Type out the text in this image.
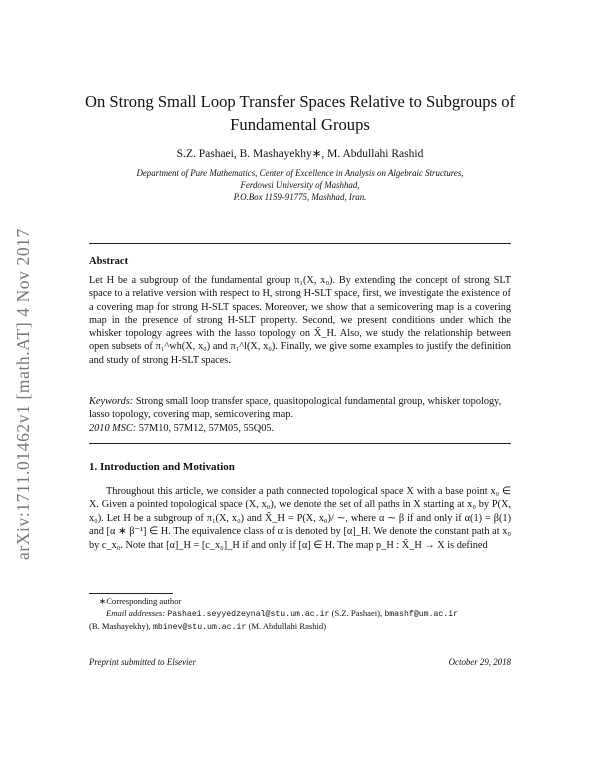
arXiv:1711.01462v1 [math.AT] 4 Nov 2017
On Strong Small Loop Transfer Spaces Relative to Subgroups of Fundamental Groups
S.Z. Pashaei, B. Mashayekhy∗, M. Abdullahi Rashid
Department of Pure Mathematics, Center of Excellence in Analysis on Algebraic Structures,
Ferdowsi University of Mashhad,
P.O.Box 1159-91775, Mashhad, Iran.
Abstract

Let H be a subgroup of the fundamental group π₁(X, x₀). By extending the concept of strong SLT space to a relative version with respect to H, strong H-SLT space, first, we investigate the existence of a covering map for strong H-SLT spaces. Moreover, we show that a semicovering map is a covering map in the presence of strong H-SLT property. Second, we present conditions under which the whisker topology agrees with the lasso topology on X̃_H. Also, we study the relationship between open subsets of π₁^wh(X, x₀) and π₁^l(X, x₀). Finally, we give some examples to justify the definition and study of strong H-SLT spaces.

Keywords: Strong small loop transfer space, quasitopological fundamental group, whisker topology, lasso topology, covering map, semicovering map.
2010 MSC: 57M10, 57M12, 57M05, 55Q05.
1. Introduction and Motivation

Throughout this article, we consider a path connected topological space X with a base point x₀ ∈ X. Given a pointed topological space (X, x₀), we denote the set of all paths in X starting at x₀ by P(X, x₀). Let H be a subgroup of π₁(X, x₀) and X̃_H = P(X, x₀)/ ∼, where α ∼ β if and only if α(1) = β(1) and [α ∗ β⁻¹] ∈ H. The equivalence class of α is denoted by [α]_H. We denote the constant path at x₀ by c_x₀. Note that [α]_H = [c_x₀]_H if and only if [α] ∈ H. The map p_H : X̃_H → X is defined

∗Corresponding author
Email addresses: Pashaei.seyyedzeynal@stu.um.ac.ir (S.Z. Pashaei), bmashf@um.ac.ir
(B. Mashayekhy), mbinev@stu.um.ac.ir (M. Abdullahi Rashid)
Preprint submitted to Elsevier	October 29, 2018
